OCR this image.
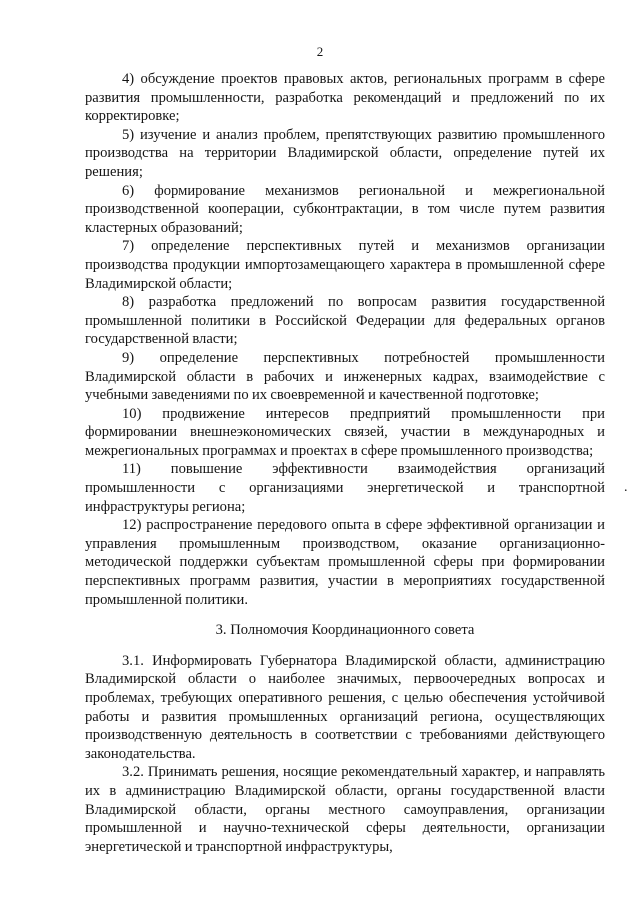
2

4) обсуждение проектов правовых актов, региональных программ в сфере развития промышленности, разработка рекомендаций и предложений по их корректировке;

5) изучение и анализ проблем, препятствующих развитию промышленного производства на территории Владимирской области, определение путей их решения;

6) формирование механизмов региональной и межрегиональной производственной кооперации, субконтрактации, в том числе путем развития кластерных образований;

7) определение перспективных путей и механизмов организации производства продукции импортозамещающего характера в промышленной сфере Владимирской области;

8) разработка предложений по вопросам развития государственной промышленной политики в Российской Федерации для федеральных органов государственной власти;

9) определение перспективных потребностей промышленности Владимирской области в рабочих и инженерных кадрах, взаимодействие с учебными заведениями по их своевременной и качественной подготовке;

10) продвижение интересов предприятий промышленности при формировании внешнеэкономических связей, участии в международных и межрегиональных программах и проектах в сфере промышленного производства;

11) повышение эффективности взаимодействия организаций промышленности с организациями энергетической и транспортной инфраструктуры региона;

12) распространение передового опыта в сфере эффективной организации и управления промышленным производством, оказание организационно-методической поддержки субъектам промышленной сферы при формировании перспективных программ развития, участии в мероприятиях государственной промышленной политики.

3. Полномочия Координационного совета

3.1. Информировать Губернатора Владимирской области, администрацию Владимирской области о наиболее значимых, первоочередных вопросах и проблемах, требующих оперативного решения, с целью обеспечения устойчивой работы и развития промышленных организаций региона, осуществляющих производственную деятельность в соответствии с требованиями действующего законодательства.

3.2. Принимать решения, носящие рекомендательный характер, и направлять их в администрацию Владимирской области, органы государственной власти Владимирской области, органы местного самоуправления, организации промышленной и научно-технической сферы деятельности, организации энергетической и транспортной инфраструктуры,

.
